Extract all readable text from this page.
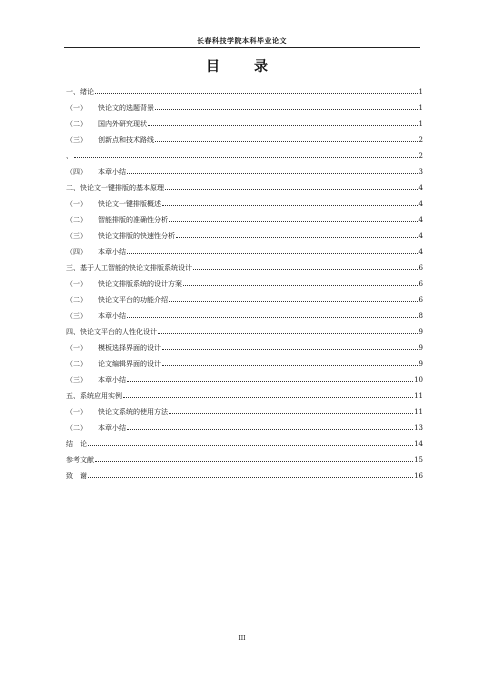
长春科技学院本科毕业论文
目　录
一、绪论	1
（一）	快论文的选题背景	1
（二）	国内外研究现状	1
（三）	创新点和技术路线	2
、	2
（四）	本章小结	3
二、快论文一键排版的基本原理	4
（一）	快论文一键排版概述	4
（二）	智能排版的准确性分析	4
（三）	快论文排版的快速性分析	4
（四）	本章小结	4
三、基于人工智能的快论文排版系统设计	6
（一）	快论文排版系统的设计方案	6
（二）	快论文平台的功能介绍	6
（三）	本章小结	8
四、快论文平台的人性化设计	9
（一）	模板选择界面的设计	9
（二）	论文编辑界面的设计	9
（三）	本章小结	10
五、系统应用实例	11
（一）	快论文系统的使用方法	11
（二）	本章小结	13
结　论	14
参考文献	15
致　谢	16
III
